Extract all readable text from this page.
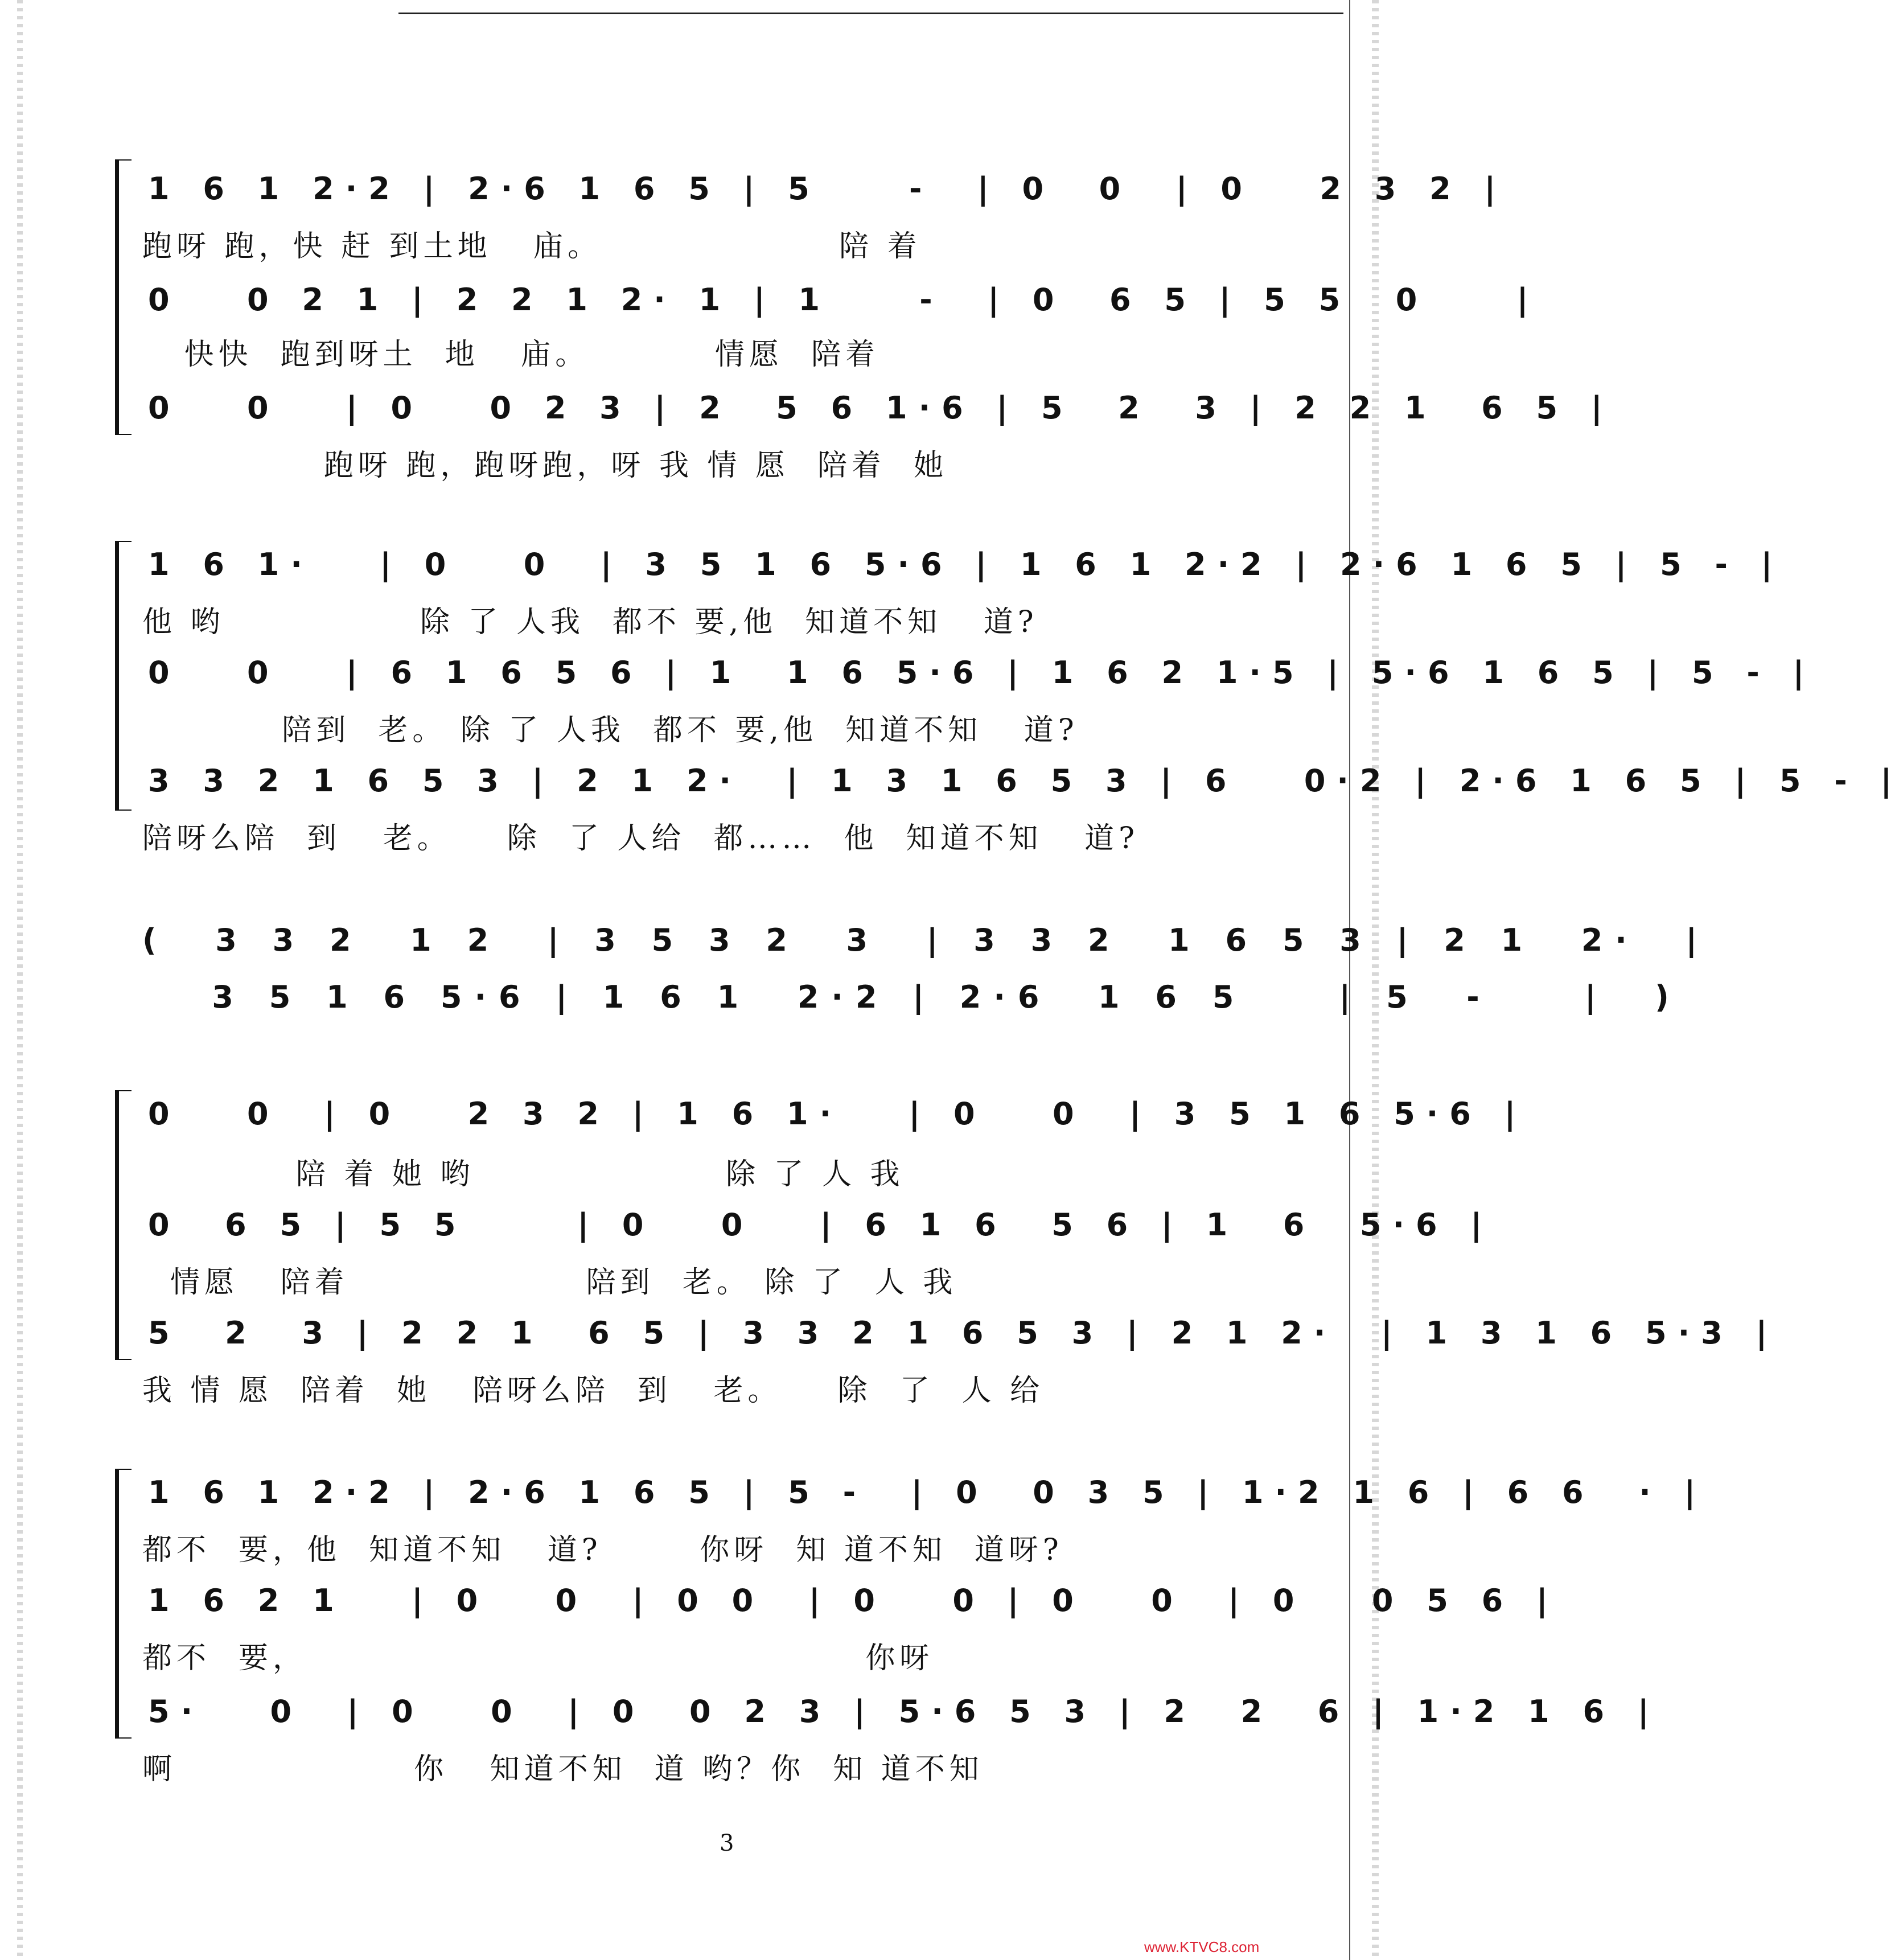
1 6 1 2·2 | 2·6 1 6 5 | 5    -  | 0  0  | 0   2 3 2 |
跑呀 跑，快 赶 到土地   庙。                 陪 着
0   0 2 1 | 2 2 1 2· 1 | 1    -  | 0  6 5 | 5 5  0    |
快快  跑到呀土  地   庙。         情愿  陪着
0   0   | 0   0 2 3 | 2  5 6 1·6 | 5  2  3 | 2 2 1  6 5 |
跑呀 跑，跑呀跑，呀 我 情 愿  陪着  她
1 6 1·   | 0   0  | 3 5 1 6 5·6 | 1 6 1 2·2 | 2·6 1 6 5 | 5 - |
他 哟              除 了 人我  都不 要,他  知道不知   道?
0   0   | 6 1 6 5 6 | 1  1 6 5·6 | 1 6 2 1·5 | 5·6 1 6 5 | 5 - |
陪到  老。 除 了 人我  都不 要,他  知道不知   道?
3 3 2 1 6 5 3 | 2 1 2·  | 1 3 1 6 5 3 | 6   0·2 | 2·6 1 6 5 | 5 - |
陪呀么陪  到   老。    除  了 人给  都……  他  知道不知   道?
(  3 3 2  1 2  | 3 5 3 2  3  | 3 3 2  1 6 5 3 | 2 1  2·  |
3 5 1 6 5·6 | 1 6 1  2·2 | 2·6  1 6 5    | 5  -    |  )
0   0  | 0   2 3 2 | 1 6 1·   | 0   0  | 3 5 1 6 5·6 |
陪 着 她 哟                  除 了 人 我
0  6 5 | 5 5     | 0   0   | 6 1 6  5 6 | 1  6  5·6 |
情愿   陪着                 陪到  老。 除 了  人 我
5  2  3 | 2 2 1  6 5 | 3 3 2 1 6 5 3 | 2 1 2·  | 1 3 1 6 5·3 |
我 情 愿  陪着  她   陪呀么陪  到   老。    除  了  人 给
1 6 1 2·2 | 2·6 1 6 5 | 5 -  | 0  0 3 5 | 1·2 1 6 | 6 6  · |
都不  要，他  知道不知   道?       你呀  知 道不知  道呀?
1 6 2 1   | 0   0  | 0 0  | 0   0 | 0   0  | 0   0 5 6 |
都不  要，                                        你呀
5·   0  | 0   0  | 0  0 2 3 | 5·6 5 3 | 2  2  6 | 1·2 1 6 |
啊                 你   知道不知  道 哟？你  知 道不知
3
www.KTVC8.com
